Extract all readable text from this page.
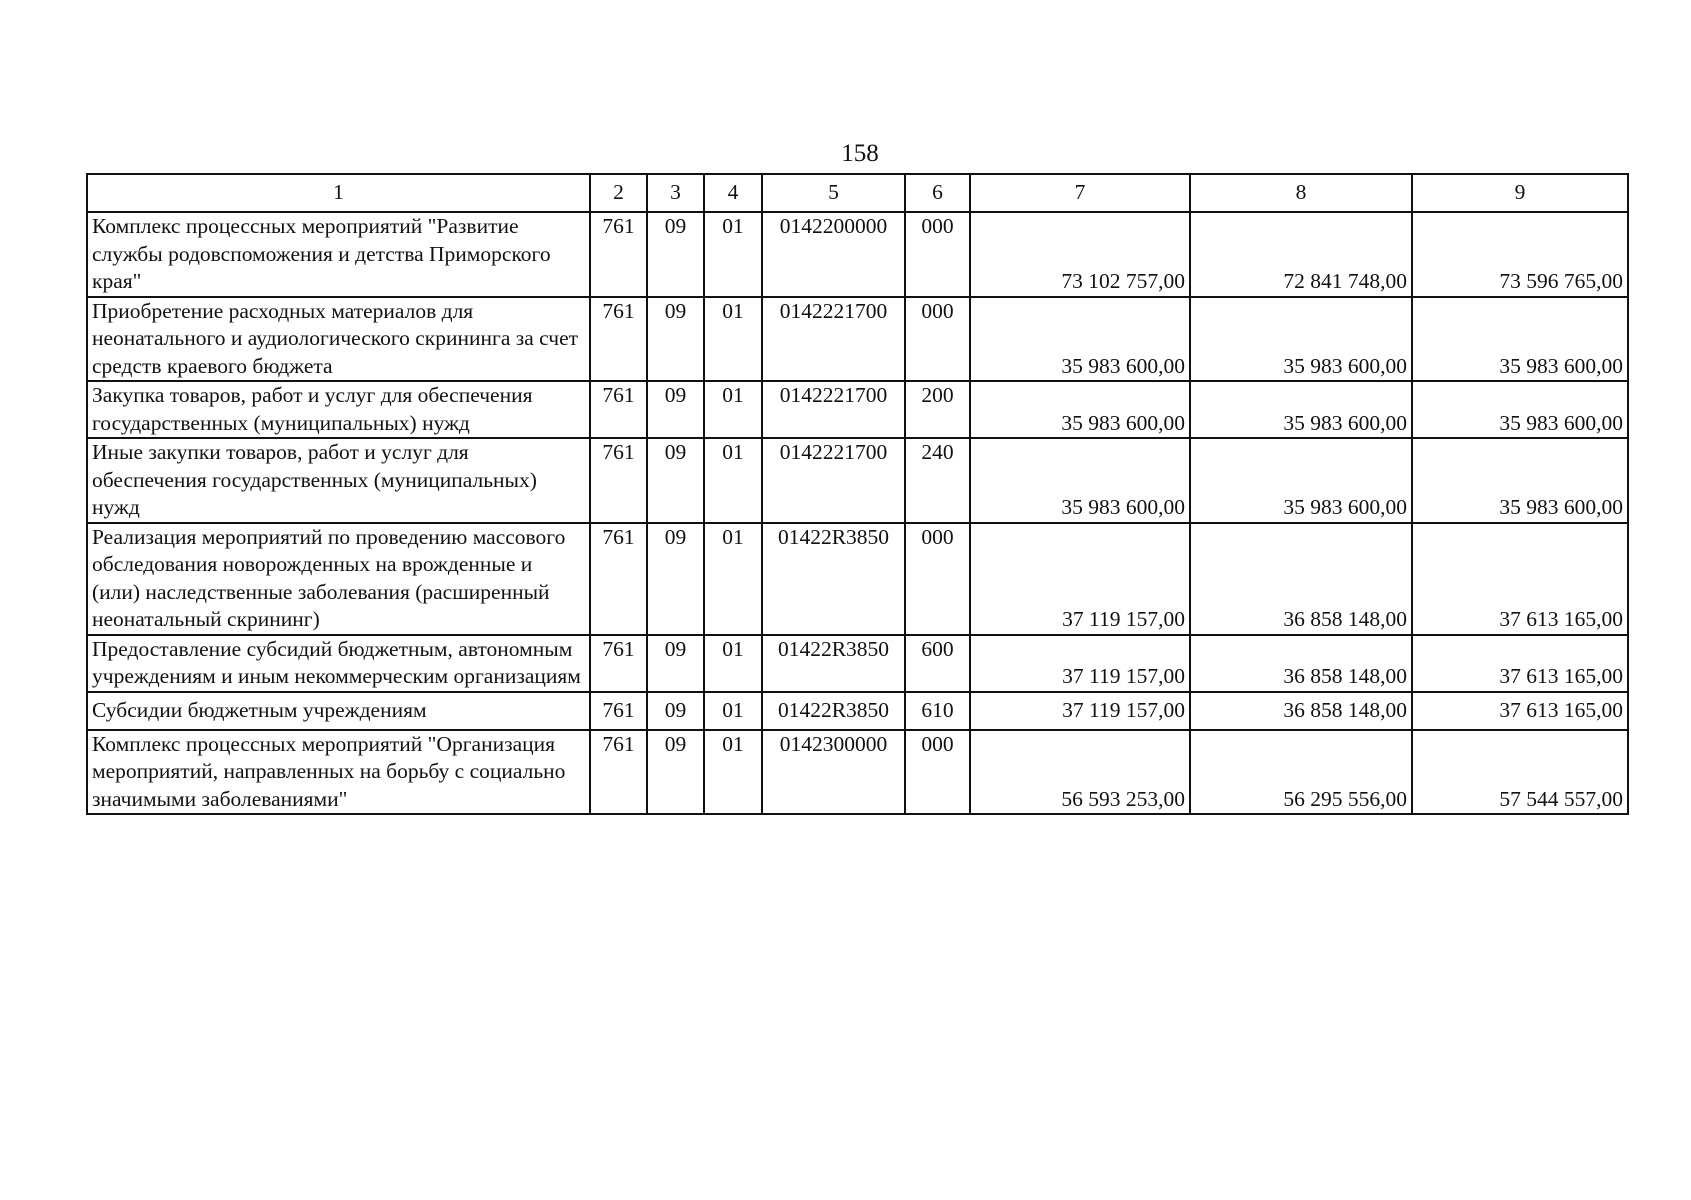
158
1	2	3	4	5	6	7	8	9
Комплекс процессных мероприятий "Развитие службы родовспоможения и детства Приморского края"	761	09	01	0142200000	000	73 102 757,00	72 841 748,00	73 596 765,00
Приобретение расходных материалов для неонатального и аудиологического скрининга за счет средств краевого бюджета	761	09	01	0142221700	000	35 983 600,00	35 983 600,00	35 983 600,00
Закупка товаров, работ и услуг для обеспечения государственных (муниципальных) нужд	761	09	01	0142221700	200	35 983 600,00	35 983 600,00	35 983 600,00
Иные закупки товаров, работ и услуг для обеспечения государственных (муниципальных) нужд	761	09	01	0142221700	240	35 983 600,00	35 983 600,00	35 983 600,00
Реализация мероприятий по проведению массового обследования новорожденных на врожденные и (или) наследственные заболевания (расширенный неонатальный скрининг)	761	09	01	01422R3850	000	37 119 157,00	36 858 148,00	37 613 165,00
Предоставление субсидий бюджетным, автономным учреждениям и иным некоммерческим организациям	761	09	01	01422R3850	600	37 119 157,00	36 858 148,00	37 613 165,00
Субсидии бюджетным учреждениям	761	09	01	01422R3850	610	37 119 157,00	36 858 148,00	37 613 165,00
Комплекс процессных мероприятий "Организация мероприятий, направленных на борьбу с социально значимыми заболеваниями"	761	09	01	0142300000	000	56 593 253,00	56 295 556,00	57 544 557,00
